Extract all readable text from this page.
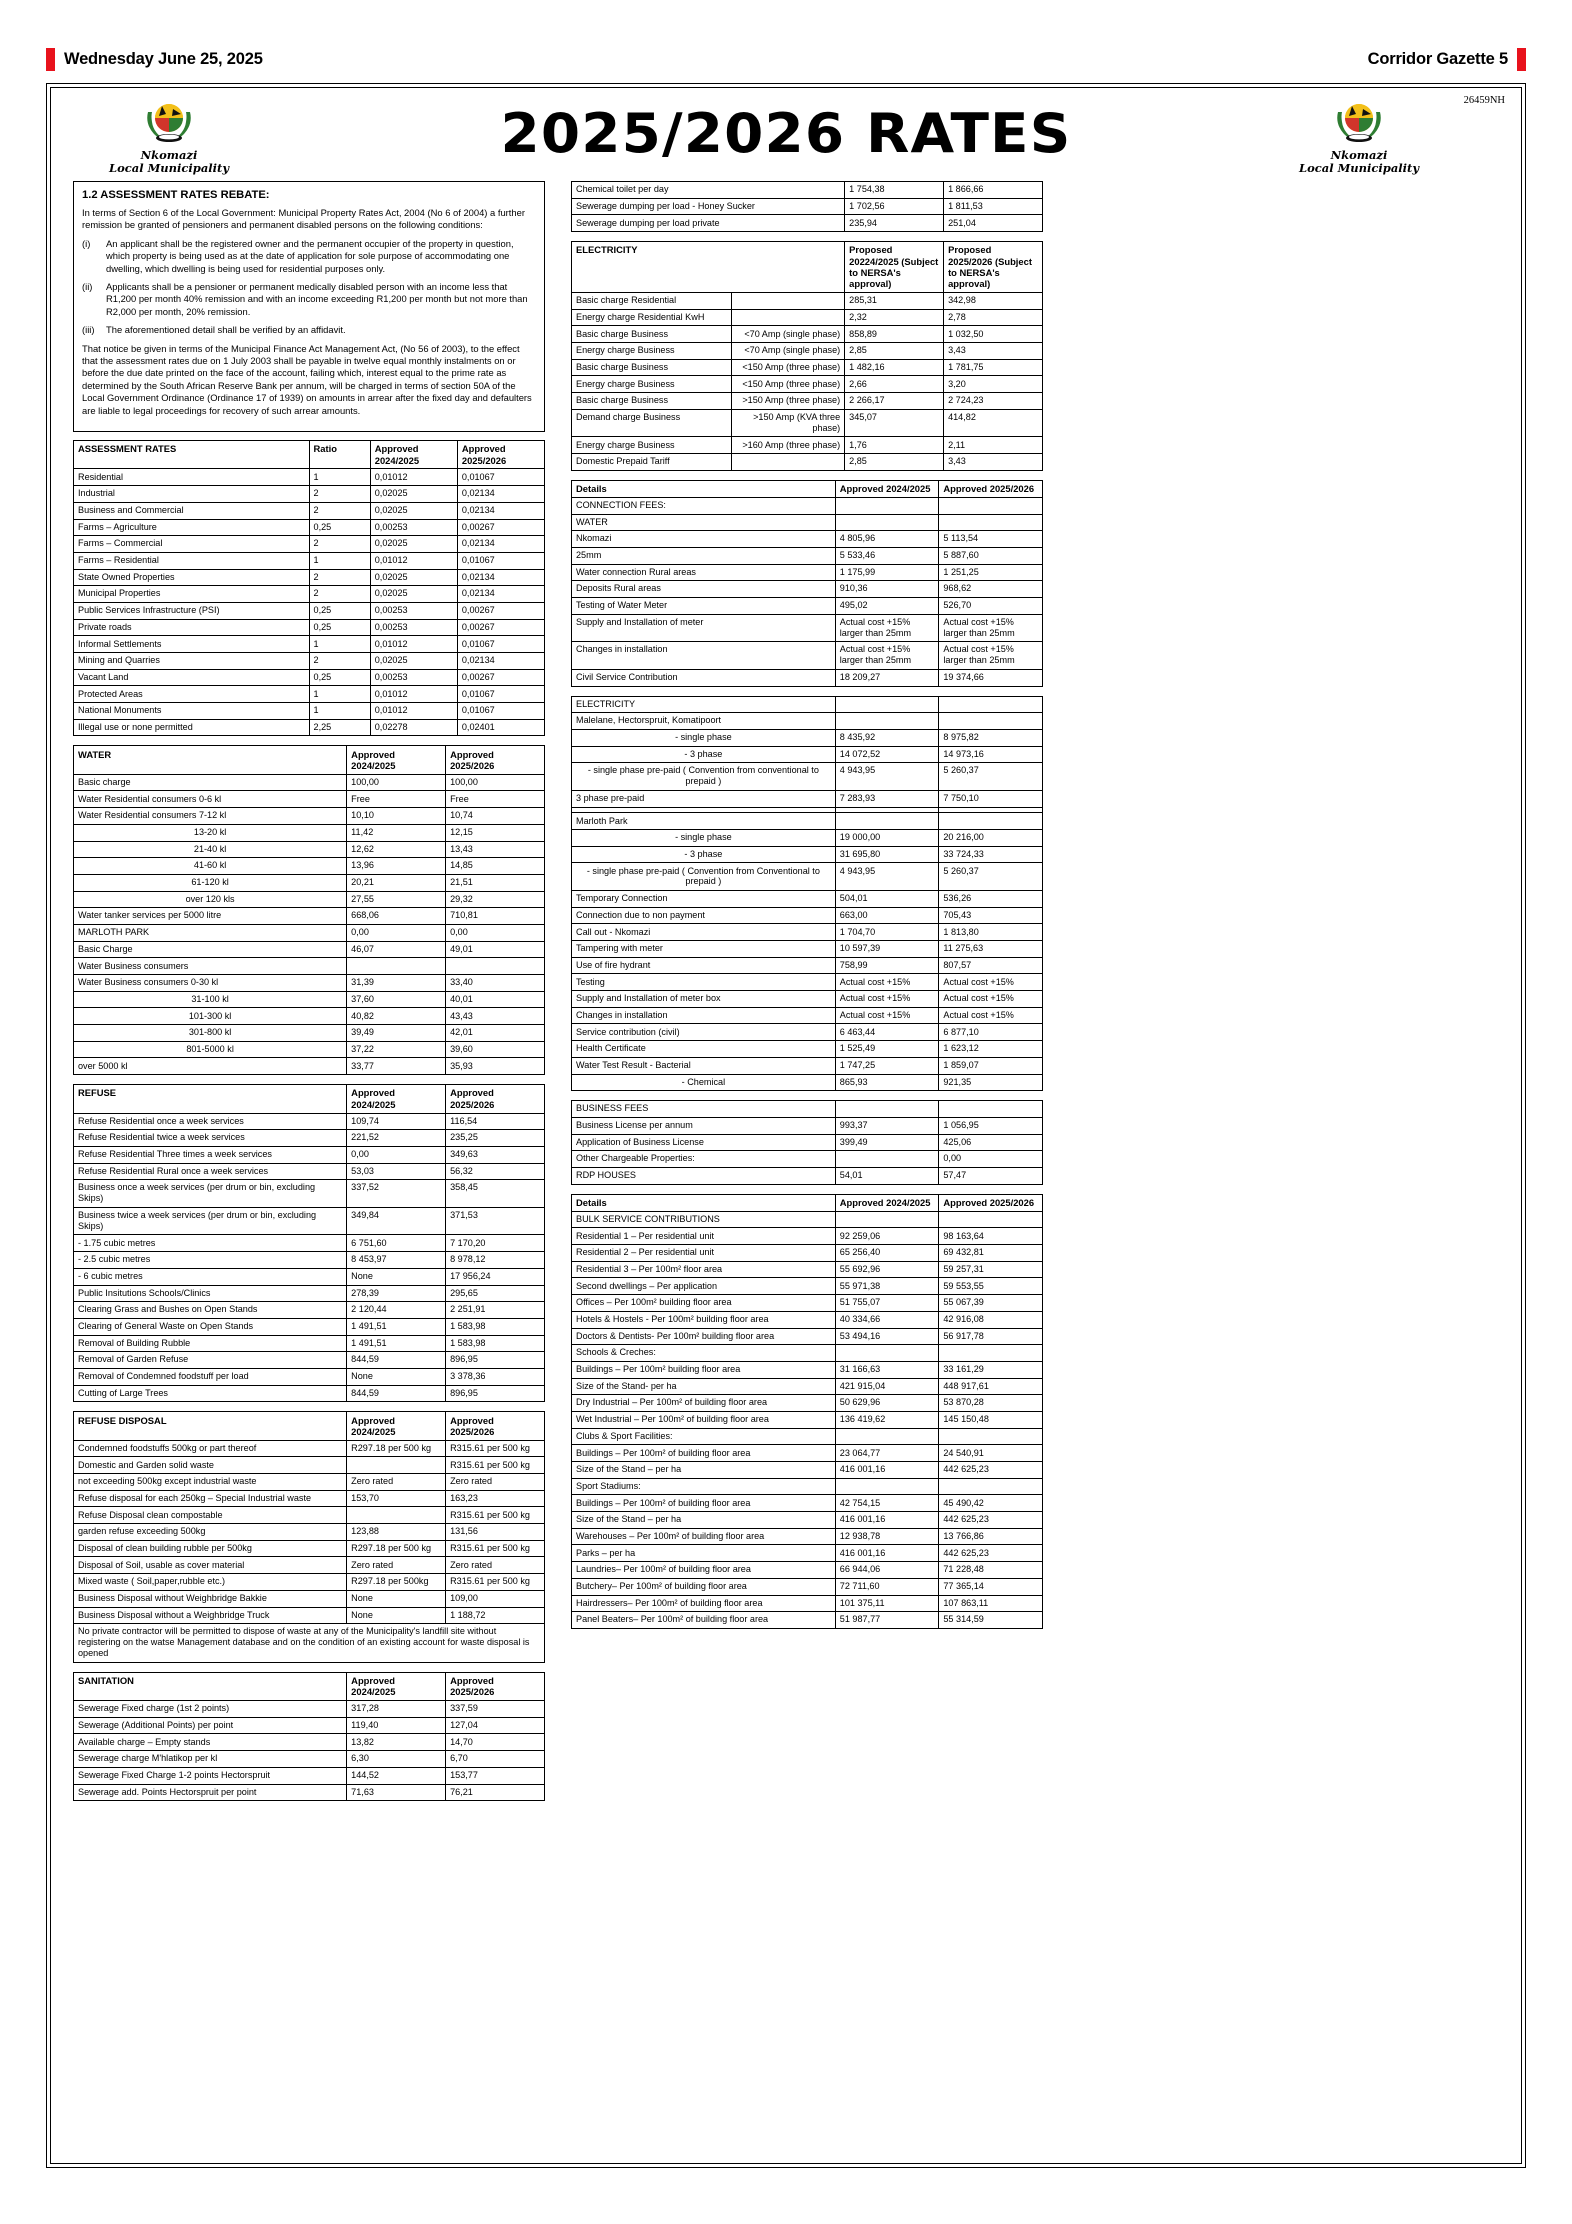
Wednesday June 25, 2025	Corridor Gazette 5
Nkomazi
Local Municipality
2025/2026 RATES	Nkomazi
Local Municipality
26459NH
1.2 ASSESSMENT RATES REBATE:

In terms of Section 6 of the Local Government: Municipal Property Rates Act, 2004 (No 6 of 2004) a further remission be granted of pensioners and permanent disabled persons on the following conditions:

(i)	An applicant shall be the registered owner and the permanent occupier of the property in question, which property is being used as at the date of application for sole purpose of accommodating one dwelling, which dwelling is being used for residential purposes only.
(ii)	Applicants shall be a pensioner or permanent medically disabled person with an income less that R1,200 per month 40% remission and with an income exceeding R1,200 per month but not more than R2,000 per month, 20% remission.
(iii)	The aforementioned detail shall be verified by an affidavit.

That notice be given in terms of the Municipal Finance Act Management Act, (No 56 of 2003), to the effect that the assessment rates due on 1 July 2003 shall be payable in twelve equal monthly instalments on or before the due date printed on the face of the account, failing which, interest equal to the prime rate as determined by the South African Reserve Bank per annum, will be charged in terms of section 50A of the Local Government Ordinance (Ordinance 17 of 1939) on amounts in arrear after the fixed day and defaulters are liable to legal proceedings for recovery of such arrear amounts.

ASSESSMENT RATES	Ratio	Approved 2024/2025	Approved 2025/2026
Residential	1	0,01012	0,01067
Industrial	2	0,02025	0,02134
Business and Commercial	2	0,02025	0,02134
Farms – Agriculture	0,25	0,00253	0,00267
Farms – Commercial	2	0,02025	0,02134
Farms – Residential	1	0,01012	0,01067
State Owned Properties	2	0,02025	0,02134
Municipal Properties	2	0,02025	0,02134
Public Services Infrastructure (PSI)	0,25	0,00253	0,00267
Private roads	0,25	0,00253	0,00267
Informal Settlements	1	0,01012	0,01067
Mining and Quarries	2	0,02025	0,02134
Vacant Land	0,25	0,00253	0,00267
Protected Areas	1	0,01012	0,01067
National Monuments	1	0,01012	0,01067
Illegal use or none permitted	2,25	0,02278	0,02401
WATER	Approved 2024/2025	Approved 2025/2026
Basic charge	100,00	100,00
Water Residential consumers 0-6 kl	Free	Free
Water Residential consumers 7-12 kl	10,10	10,74
13-20 kl	11,42	12,15
21-40 kl	12,62	13,43
41-60 kl	13,96	14,85
61-120 kl	20,21	21,51
over 120 kls	27,55	29,32
Water tanker services per 5000 litre	668,06	710,81
MARLOTH PARK	0,00	0,00
Basic Charge	46,07	49,01
Water Business consumers		
Water Business consumers 0-30 kl	31,39	33,40
31-100 kl	37,60	40,01
101-300 kl	40,82	43,43
301-800 kl	39,49	42,01
801-5000 kl	37,22	39,60
over 5000 kl	33,77	35,93
REFUSE	Approved 2024/2025	Approved 2025/2026
Refuse Residential once a week services	109,74	116,54
Refuse Residential twice a week services	221,52	235,25
Refuse Residential Three times a week services	0,00	349,63
Refuse Residential Rural once a week services	53,03	56,32
Business once a week services (per drum or bin, excluding Skips)	337,52	358,45
Business twice a week services (per drum or bin, excluding Skips)	349,84	371,53
- 1.75 cubic metres	6 751,60	7 170,20
- 2.5 cubic metres	8 453,97	8 978,12
- 6 cubic metres	None	17 956,24
Public Insitutions Schools/Clinics	278,39	295,65
Clearing Grass and Bushes on Open Stands	2 120,44	2 251,91
Clearing of General Waste on Open Stands	1 491,51	1 583,98
Removal of Building Rubble	1 491,51	1 583,98
Removal of Garden Refuse	844,59	896,95
Removal of Condemned foodstuff per load	None	3 378,36
Cutting of Large Trees	844,59	896,95
REFUSE DISPOSAL	Approved 2024/2025	Approved 2025/2026
Condemned foodstuffs 500kg or part thereof	R297.18 per 500 kg	R315.61 per 500 kg
Domestic and Garden solid waste		R315.61 per 500 kg
not exceeding 500kg except industrial waste	Zero rated	Zero rated
Refuse disposal for each 250kg – Special Industrial waste	153,70	163,23
Refuse Disposal clean compostable		R315.61 per 500 kg
garden refuse exceeding 500kg	123,88	131,56
Disposal of clean building rubble per 500kg	R297.18 per 500 kg	R315.61 per 500 kg
Disposal of Soil, usable as cover material	Zero rated	Zero rated
Mixed waste ( Soil,paper,rubble etc.)	R297.18 per 500kg	R315.61 per 500 kg
Business Disposal without Weighbridge Bakkie	None	109,00
Business Disposal without a Weighbridge Truck	None	1 188,72
No private contractor will be permitted to dispose of waste at any of the Municipality's landfill site without registering on the watse Management database and on the condition of an existing account for waste disposal is opened		
SANITATION	Approved 2024/2025	Approved 2025/2026
Sewerage Fixed charge (1st 2 points)	317,28	337,59
Sewerage (Additional Points) per point	119,40	127,04
Available charge – Empty stands	13,82	14,70
Sewerage charge M'hlatikop per kl	6,30	6,70
Sewerage Fixed Charge 1-2 points Hectorspruit	144,52	153,77
Sewerage add. Points Hectorspruit per point	71,63	76,21
Chemical toilet per day	1 754,38	1 866,66
Sewerage dumping per load - Honey Sucker	1 702,56	1 811,53
Sewerage dumping per load private	235,94	251,04
ELECTRICITY		Proposed 20224/2025 (Subject to NERSA's approval)	Proposed 2025/2026 (Subject to NERSA's approval)
Basic charge Residential		285,31	342,98
Energy charge Residential KwH		2,32	2,78
Basic charge Business	<70 Amp (single phase)	858,89	1 032,50
Energy charge Business	<70 Amp (single phase)	2,85	3,43
Basic charge Business	<150 Amp (three phase)	1 482,16	1 781,75
Energy charge Business	<150 Amp (three phase)	2,66	3,20
Basic charge Business	>150 Amp (three phase)	2 266,17	2 724,23
Demand charge Business	>150 Amp (KVA three phase)	345,07	414,82
Energy charge Business	>160 Amp (three phase)	1,76	2,11
Domestic Prepaid Tariff		2,85	3,43
Details	Approved 2024/2025	Approved 2025/2026
CONNECTION FEES:		
WATER		
Nkomazi	4 805,96	5 113,54
25mm	5 533,46	5 887,60
Water connection Rural areas	1 175,99	1 251,25
Deposits Rural areas	910,36	968,62
Testing of Water Meter	495,02	526,70
Supply and Installation of meter	Actual cost +15% larger than 25mm	Actual cost +15% larger than 25mm
Changes in installation	Actual cost +15% larger than 25mm	Actual cost +15% larger than 25mm
Civil Service Contribution	18 209,27	19 374,66
ELECTRICITY		
Malelane, Hectorspruit, Komatipoort		
- single phase	8 435,92	8 975,82
- 3 phase	14 072,52	14 973,16
- single phase pre-paid ( Convention from conventional to prepaid )	4 943,95	5 260,37
3 phase pre-paid	7 283,93	7 750,10

Marloth Park		
- single phase	19 000,00	20 216,00
- 3 phase	31 695,80	33 724,33
- single phase pre-paid ( Convention from Conventional to prepaid )	4 943,95	5 260,37
Temporary Connection	504,01	536,26
Connection due to non payment	663,00	705,43
Call out - Nkomazi	1 704,70	1 813,80
Tampering with meter	10 597,39	11 275,63
Use of fire hydrant	758,99	807,57
Testing	Actual cost +15%	Actual cost +15%
Supply and Installation of meter box	Actual cost +15%	Actual cost +15%
Changes in installation	Actual cost +15%	Actual cost +15%
Service contribution (civil)	6 463,44	6 877,10
Health Certificate	1 525,49	1 623,12
Water Test Result - Bacterial	1 747,25	1 859,07
- Chemical	865,93	921,35
BUSINESS FEES		
Business License per annum	993,37	1 056,95
Application of Business License	399,49	425,06
Other Chargeable Properties:		0,00
RDP HOUSES	54,01	57,47
Details	Approved 2024/2025	Approved 2025/2026
BULK SERVICE CONTRIBUTIONS		
Residential 1 – Per residential unit	92 259,06	98 163,64
Residential 2 – Per residential unit	65 256,40	69 432,81
Residential 3 – Per 100m² floor area	55 692,96	59 257,31
Second dwellings – Per application	55 971,38	59 553,55
Offices – Per 100m² building floor area	51 755,07	55 067,39
Hotels & Hostels - Per 100m² building floor area	40 334,66	42 916,08
Doctors & Dentists- Per 100m² building floor area	53 494,16	56 917,78
Schools & Creches:		
Buildings – Per 100m² building floor area	31 166,63	33 161,29
Size of the Stand- per ha	421 915,04	448 917,61
Dry Industrial – Per 100m² of building floor area	50 629,96	53 870,28
Wet Industrial – Per 100m² of building floor area	136 419,62	145 150,48
Clubs & Sport Facilities:		
Buildings – Per 100m² of building floor area	23 064,77	24 540,91
Size of the Stand – per ha	416 001,16	442 625,23
Sport Stadiums:		
Buildings – Per 100m² of building floor area	42 754,15	45 490,42
Size of the Stand – per ha	416 001,16	442 625,23
Warehouses – Per 100m² of building floor area	12 938,78	13 766,86
Parks – per ha	416 001,16	442 625,23
Laundries– Per 100m² of building floor area	66 944,06	71 228,48
Butchery– Per 100m² of building floor area	72 711,60	77 365,14
Hairdressers– Per 100m² of building floor area	101 375,11	107 863,11
Panel Beaters– Per 100m² of building floor area	51 987,77	55 314,59
